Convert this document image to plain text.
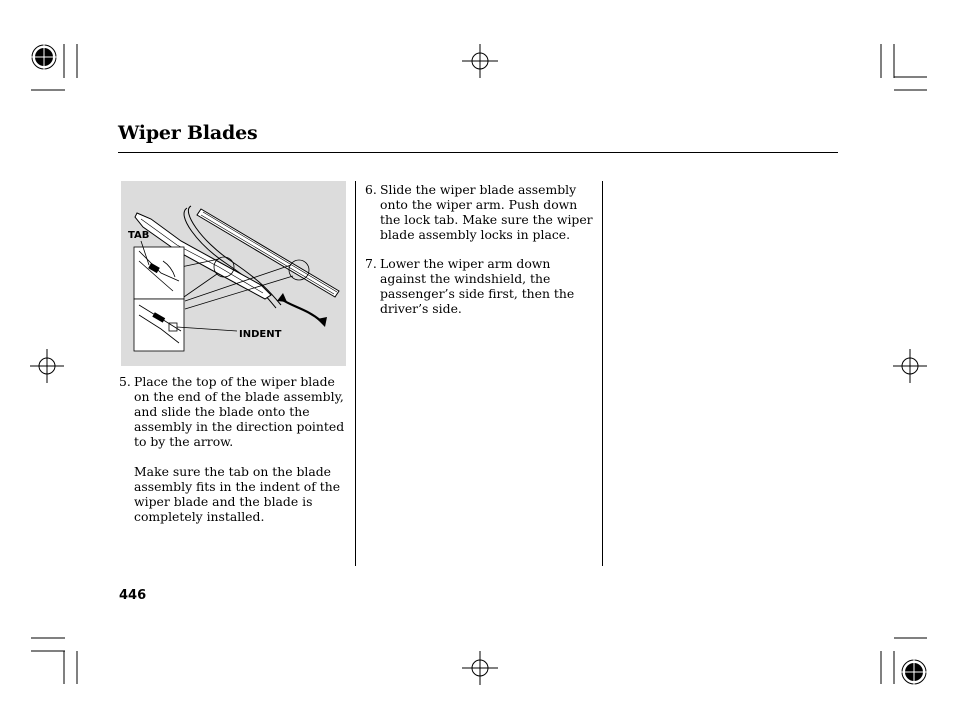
Wiper Blades
TAB
INDENT
5. Place the top of the wiper blade on the end of the blade assembly, and slide the blade onto the assembly in the direction pointed to by the arrow.
Make sure the tab on the blade assembly fits in the indent of the wiper blade and the blade is completely installed.
6. Slide the wiper blade assembly onto the wiper arm. Push down the lock tab. Make sure the wiper blade assembly locks in place.
7. Lower the wiper arm down against the windshield, the passenger’s side first, then the driver’s side.
446
